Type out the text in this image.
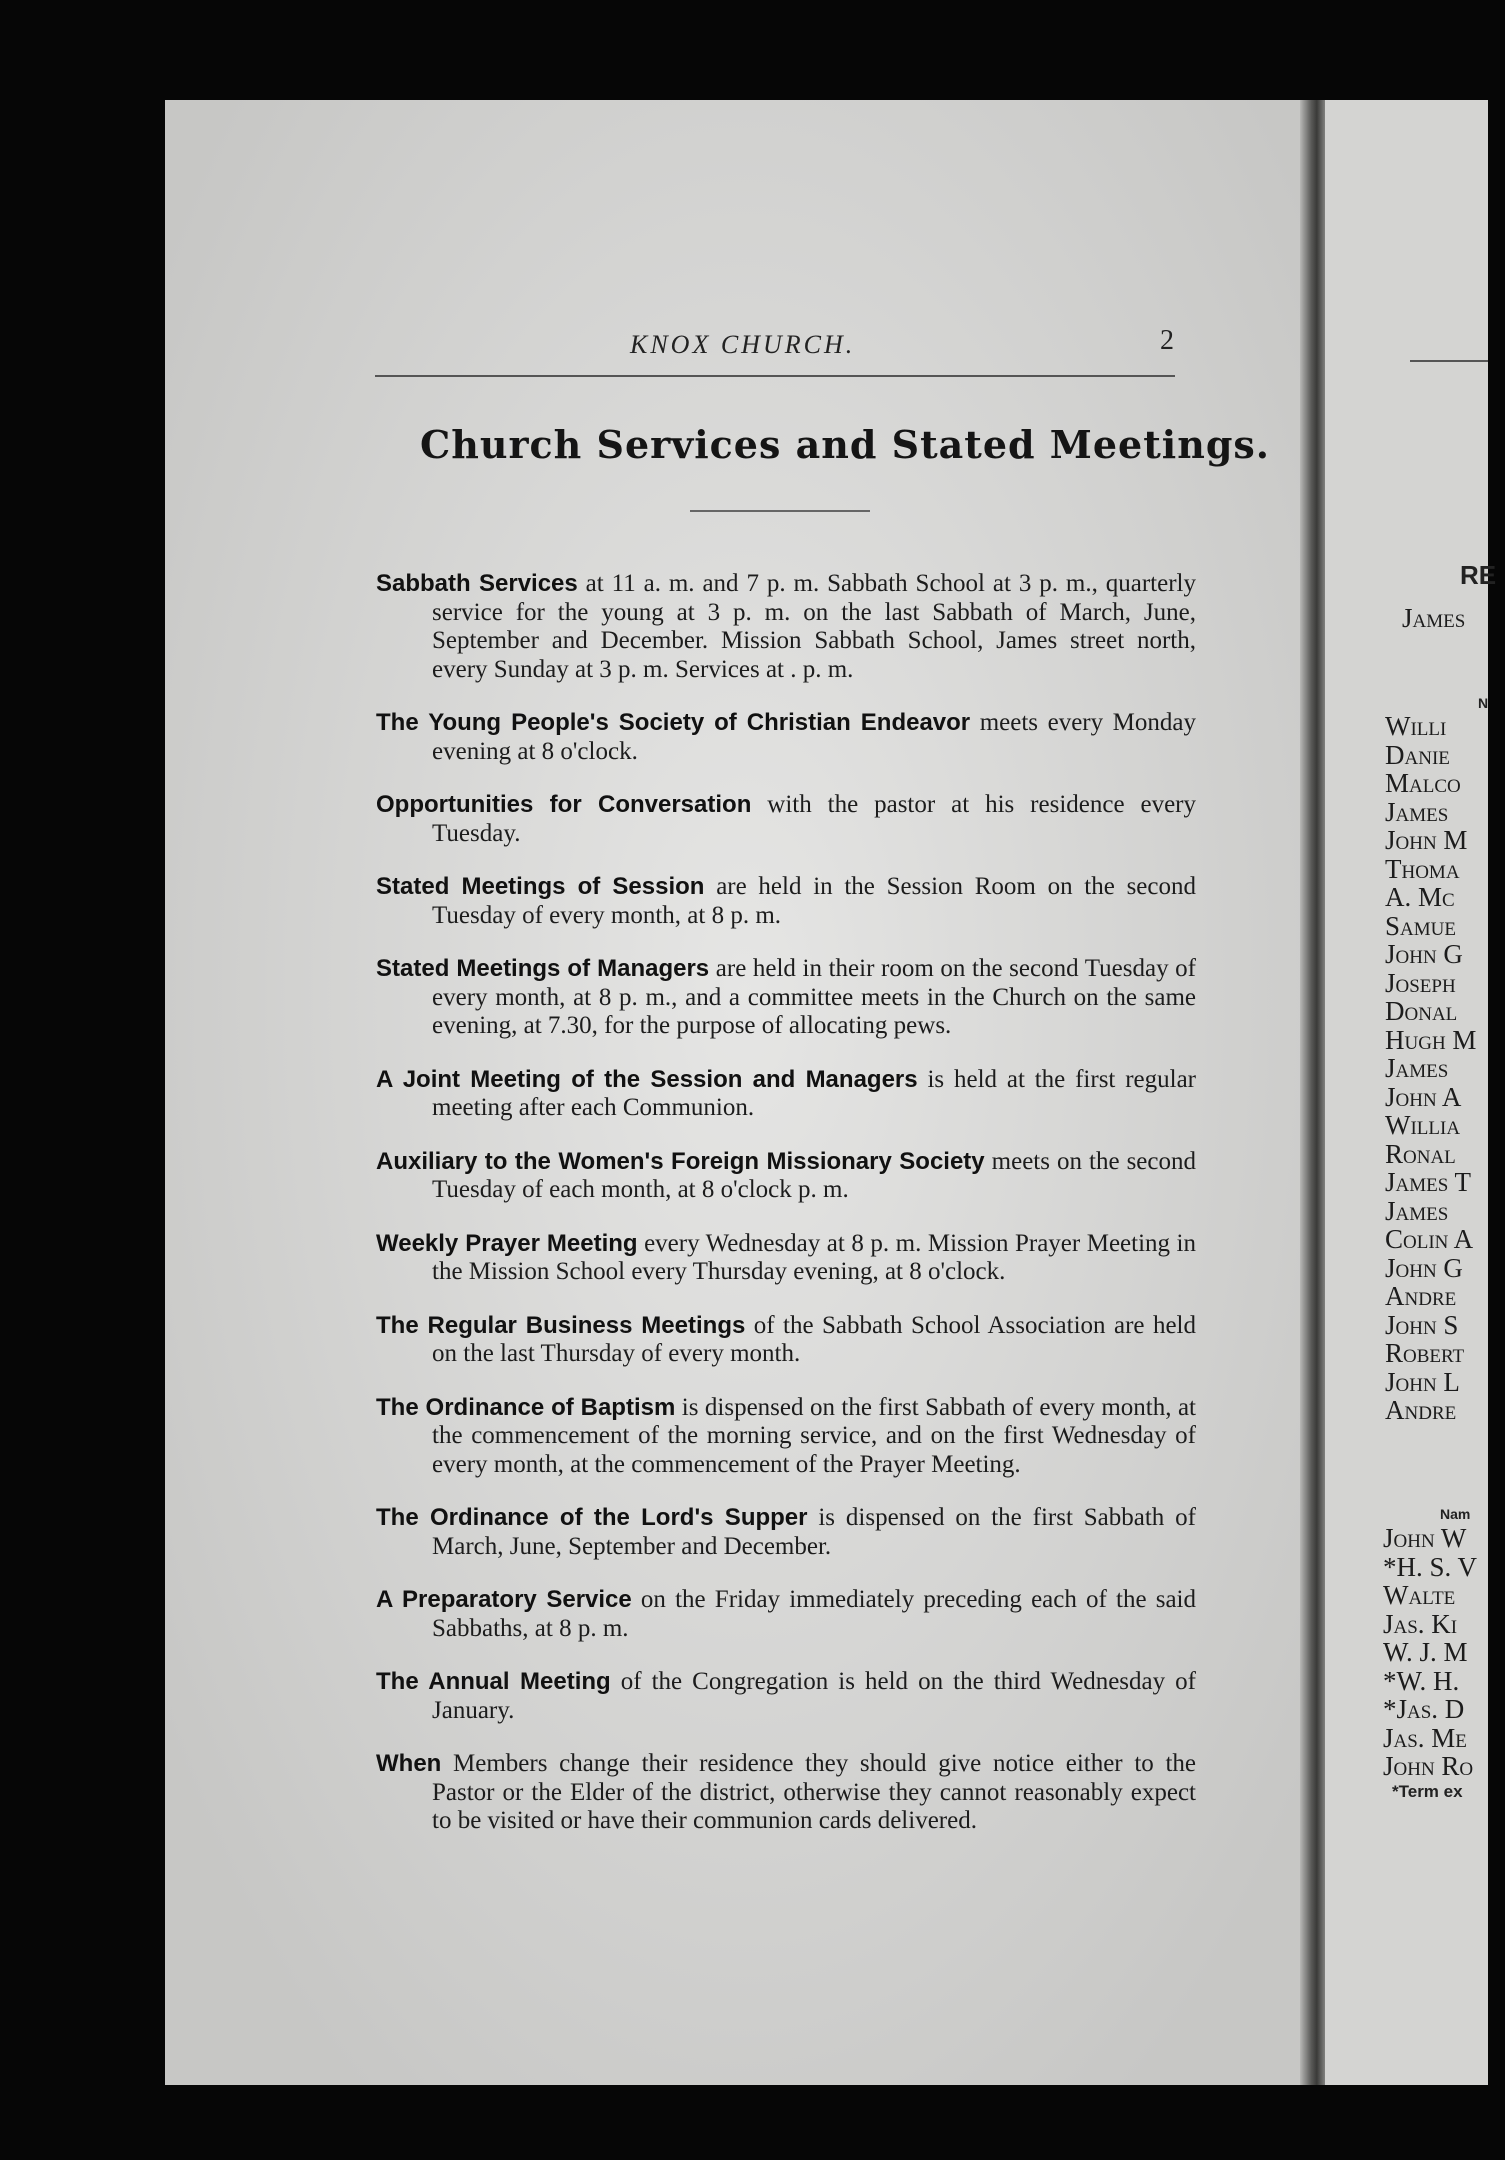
KNOX CHURCH.	2
Church Services and Stated Meetings.

Sabbath Services at 11 a. m. and 7 p. m. Sabbath School at 3 p. m., quarterly service for the young at 3 p. m. on the last Sabbath of March, June, September and December. Mission Sabbath School, James street north, every Sunday at 3 p. m. Services at . p. m.

The Young People's Society of Christian Endeavor meets every Monday evening at 8 o'clock.

Opportunities for Conversation with the pastor at his residence every Tuesday.

Stated Meetings of Session are held in the Session Room on the second Tuesday of every month, at 8 p. m.

Stated Meetings of Managers are held in their room on the second Tuesday of every month, at 8 p. m., and a committee meets in the Church on the same evening, at 7.30, for the purpose of allocating pews.

A Joint Meeting of the Session and Managers is held at the first regular meeting after each Communion.

Auxiliary to the Women's Foreign Missionary Society meets on the second Tuesday of each month, at 8 o'clock p. m.

Weekly Prayer Meeting every Wednesday at 8 p. m. Mission Prayer Meeting in the Mission School every Thursday evening, at 8 o'clock.

The Regular Business Meetings of the Sabbath School Association are held on the last Thursday of every month.

The Ordinance of Baptism is dispensed on the first Sabbath of every month, at the commencement of the morning service, and on the first Wednesday of every month, at the commencement of the Prayer Meeting.

The Ordinance of the Lord's Supper is dispensed on the first Sabbath of March, June, September and December.

A Preparatory Service on the Friday immediately preceding each of the said Sabbaths, at 8 p. m.

The Annual Meeting of the Congregation is held on the third Wednesday of January.

When Members change their residence they should give notice either to the Pastor or the Elder of the district, otherwise they cannot reasonably expect to be visited or have their communion cards delivered.

RE
James
N
Willi
Danie
Malco
James
John M
Thoma
A. Mc
Samue
John G
Joseph
Donal
Hugh M
James
John A
Willia
Ronal
James T
James
Colin A
John G
Andre
John S
Robert
John L
Andre
Nam
John W
*H. S. V
Walte
Jas. Ki
W. J. M
*W. H.
*Jas. D
Jas. Me
John Ro
*Term ex
